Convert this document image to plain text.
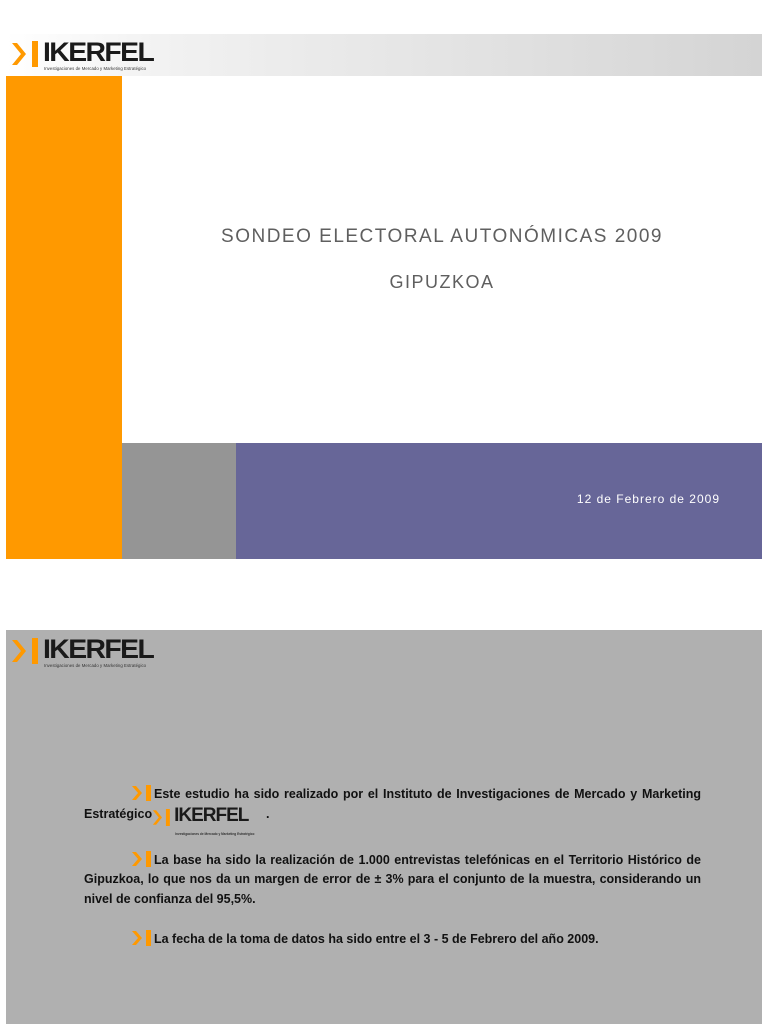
IKERFEL
Investigaciones de Mercado y Marketing Estratégico
SONDEO ELECTORAL AUTONÓMICAS 2009
GIPUZKOA
12 de Febrero de 2009
IKERFEL
Investigaciones de Mercado y Marketing Estratégico

Este estudio ha sido realizado por el Instituto de Investigaciones de Mercado y Marketing Estratégico IKERFEL
Investigaciones de Mercado y Marketing Estratégico
.

La base ha sido la realización de 1.000 entrevistas telefónicas en el Territorio Histórico de Gipuzkoa, lo que nos da un margen de error de ± 3% para el conjunto de la muestra, considerando un nivel de confianza del 95,5%.

La fecha de la toma de datos ha sido entre el 3 - 5 de Febrero del año 2009.
